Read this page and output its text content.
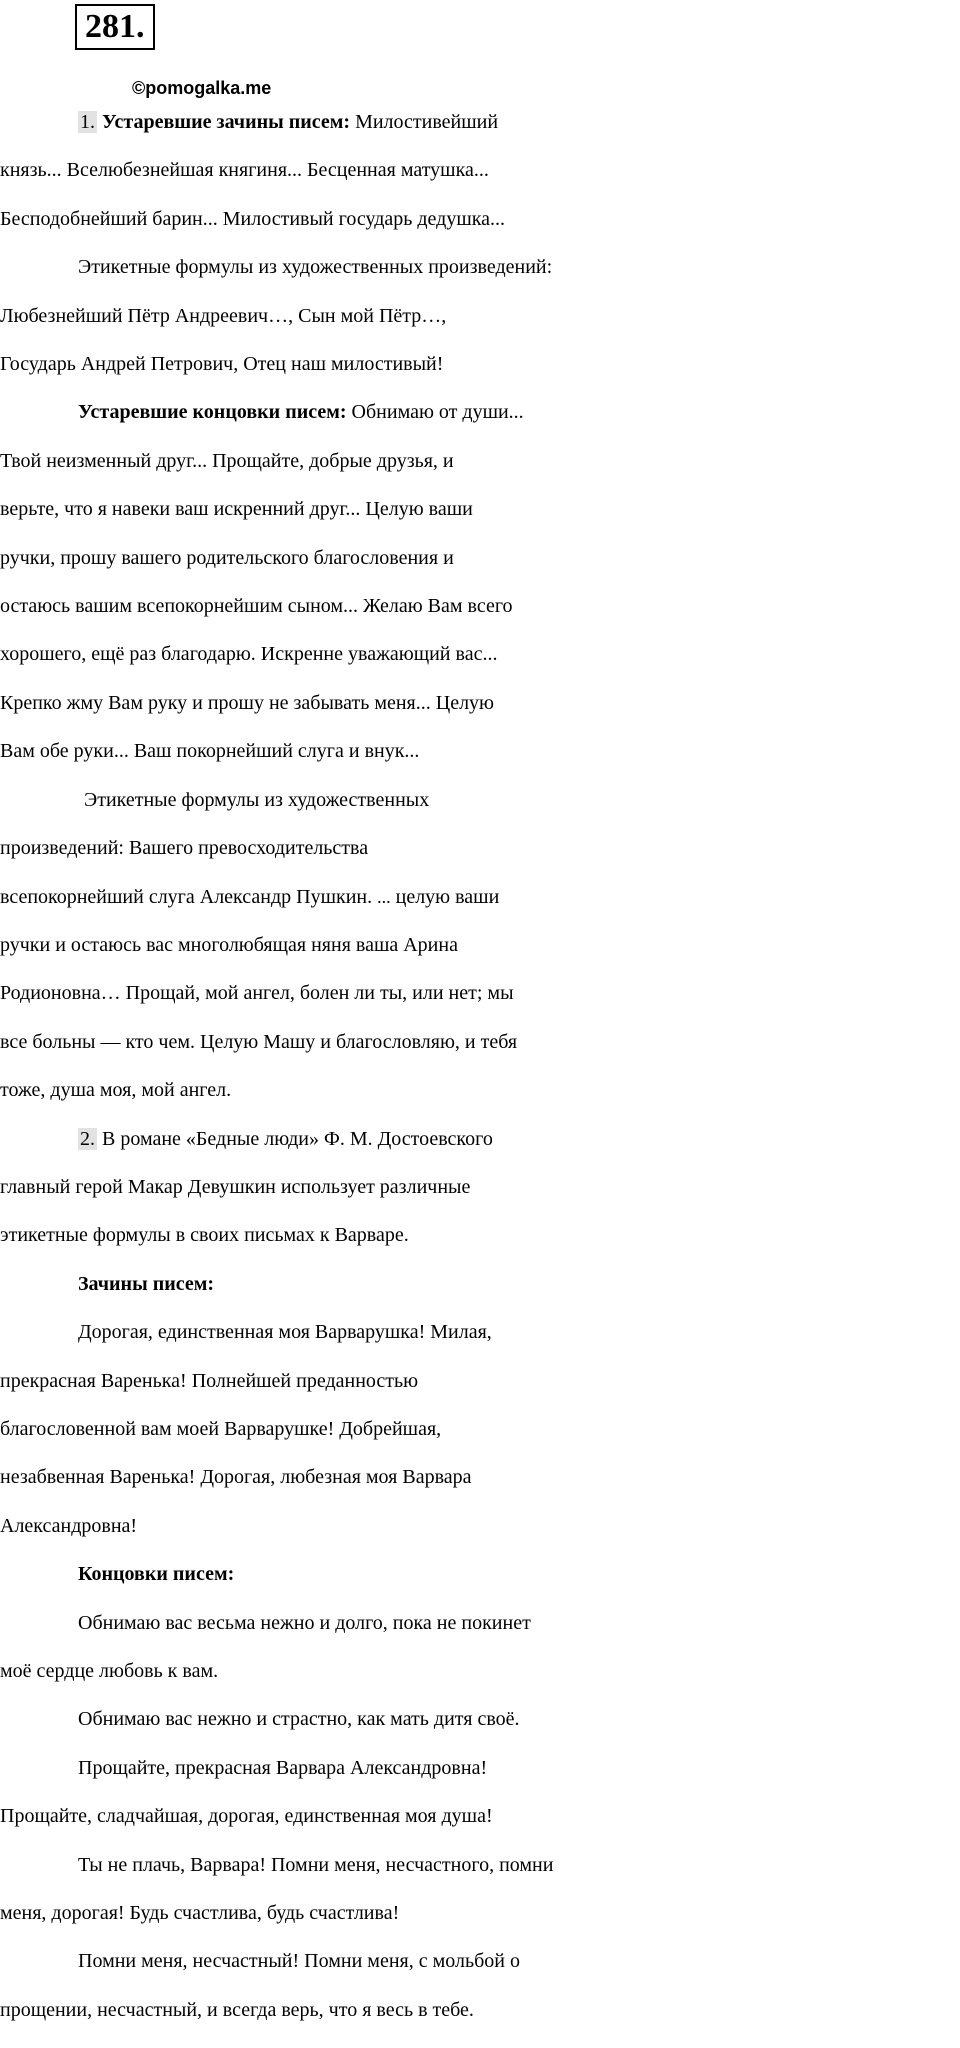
281.
©pomogalka.me

1. Устаревшие зачины писем: Милостивейший

князь... Вселюбезнейшая княгиня... Бесценная матушка...

Бесподобнейший барин... Милостивый государь дедушка...

Этикетные формулы из художественных произведений:

Любезнейший Пётр Андреевич…, Сын мой Пётр…,

Государь Андрей Петрович, Отец наш милостивый!

Устаревшие концовки писем: Обнимаю от души...

Твой неизменный друг... Прощайте, добрые друзья, и

верьте, что я навеки ваш искренний друг... Целую ваши

ручки, прошу вашего родительского благословения и

остаюсь вашим всепокорнейшим сыном... Желаю Вам всего

хорошего, ещё раз благодарю. Искренне уважающий вас...

Крепко жму Вам руку и прошу не забывать меня... Целую

Вам обе руки... Ваш покорнейший слуга и внук...

Этикетные формулы из художественных

произведений: Вашего превосходительства

всепокорнейший слуга Александр Пушкин. ... целую ваши

ручки и остаюсь вас многолюбящая няня ваша Арина

Родионовна… Прощай, мой ангел, болен ли ты, или нет; мы

все больны — кто чем. Целую Машу и благословляю, и тебя

тоже, душа моя, мой ангел.

2. В романе «Бедные люди» Ф. М. Достоевского

главный герой Макар Девушкин использует различные

этикетные формулы в своих письмах к Варваре.

Зачины писем:

Дорогая, единственная моя Варварушка! Милая,

прекрасная Варенька! Полнейшей преданностью

благословенной вам моей Варварушке! Добрейшая,

незабвенная Варенька! Дорогая, любезная моя Варвара

Александровна!

Концовки писем:

Обнимаю вас весьма нежно и долго, пока не покинет

моё сердце любовь к вам.

Обнимаю вас нежно и страстно, как мать дитя своё.

Прощайте, прекрасная Варвара Александровна!

Прощайте, сладчайшая, дорогая, единственная моя душа!

Ты не плачь, Варвара! Помни меня, несчастного, помни

меня, дорогая! Будь счастлива, будь счастлива!

Помни меня, несчастный! Помни меня, с мольбой о

прощении, несчастный, и всегда верь, что я весь в тебе.
